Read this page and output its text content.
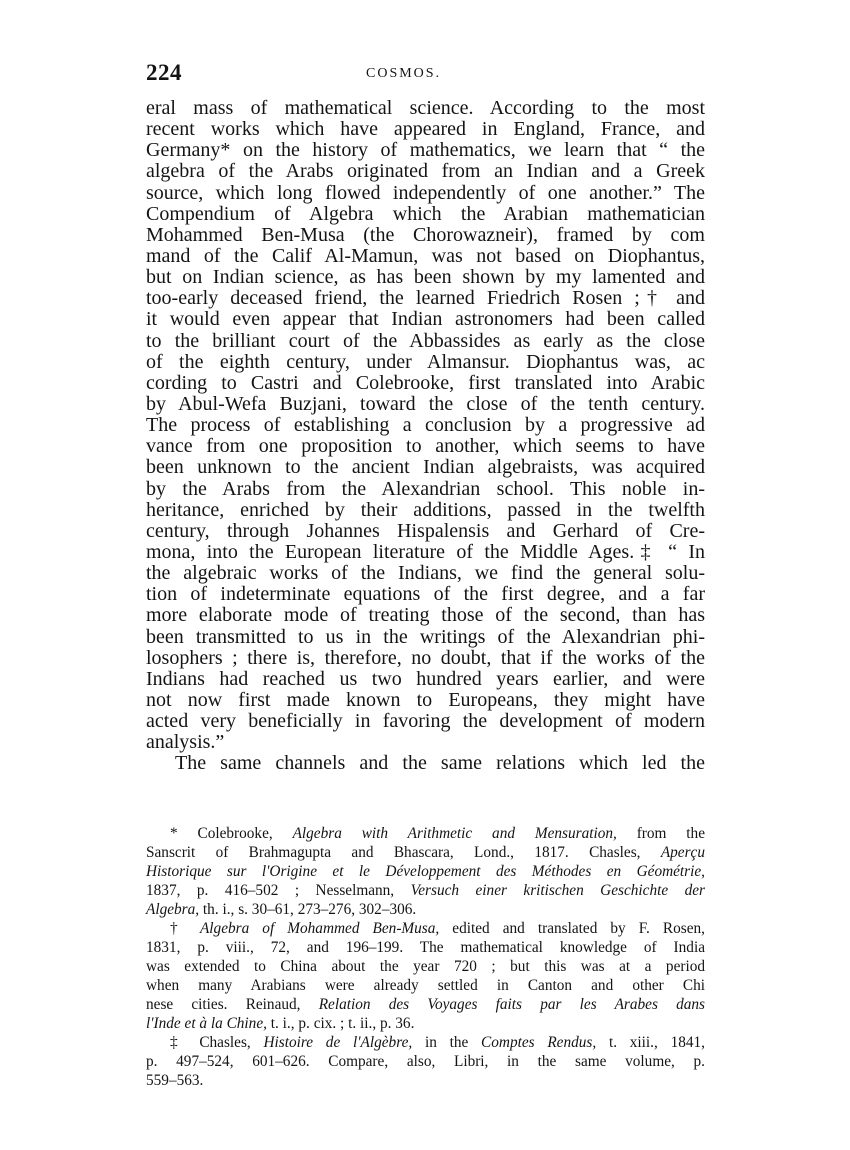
224	COSMOS.
eral mass of mathematical science. According to the most
recent works which have appeared in England, France, and
Germany* on the history of mathematics, we learn that “ the
algebra of the Arabs originated from an Indian and a Greek
source, which long flowed independently of one another.” The
Compendium of Algebra which the Arabian mathematician
Mohammed Ben-Musa (the Chorowazneir), framed by com
mand of the Calif Al-Mamun, was not based on Diophantus,
but on Indian science, as has been shown by my lamented and
too-early deceased friend, the learned Friedrich Rosen ;† and
it would even appear that Indian astronomers had been called
to the brilliant court of the Abbassides as early as the close
of the eighth century, under Almansur. Diophantus was, ac
cording to Castri and Colebrooke, first translated into Arabic
by Abul-Wefa Buzjani, toward the close of the tenth century.
The process of establishing a conclusion by a progressive ad
vance from one proposition to another, which seems to have
been unknown to the ancient Indian algebraists, was acquired
by the Arabs from the Alexandrian school. This noble in-
heritance, enriched by their additions, passed in the twelfth
century, through Johannes Hispalensis and Gerhard of Cre-
mona, into the European literature of the Middle Ages.‡ “ In
the algebraic works of the Indians, we find the general solu-
tion of indeterminate equations of the first degree, and a far
more elaborate mode of treating those of the second, than has
been transmitted to us in the writings of the Alexandrian phi-
losophers ; there is, therefore, no doubt, that if the works of the
Indians had reached us two hundred years earlier, and were
not now first made known to Europeans, they might have
acted very beneficially in favoring the development of modern
analysis.”
The same channels and the same relations which led the
* Colebrooke, Algebra with Arithmetic and Mensuration, from the
Sanscrit of Brahmagupta and Bhascara, Lond., 1817. Chasles, Aperçu
Historique sur l'Origine et le Développement des Méthodes en Géométrie,
1837, p. 416–502 ; Nesselmann, Versuch einer kritischen Geschichte der
Algebra, th. i., s. 30–61, 273–276, 302–306.
† Algebra of Mohammed Ben-Musa, edited and translated by F. Rosen,
1831, p. viii., 72, and 196–199. The mathematical knowledge of India
was extended to China about the year 720 ; but this was at a period
when many Arabians were already settled in Canton and other Chi
nese cities. Reinaud, Relation des Voyages faits par les Arabes dans
l'Inde et à la Chine, t. i., p. cix. ; t. ii., p. 36.
‡ Chasles, Histoire de l'Algèbre, in the Comptes Rendus, t. xiii., 1841,
p. 497–524, 601–626. Compare, also, Libri, in the same volume, p.
559–563.
